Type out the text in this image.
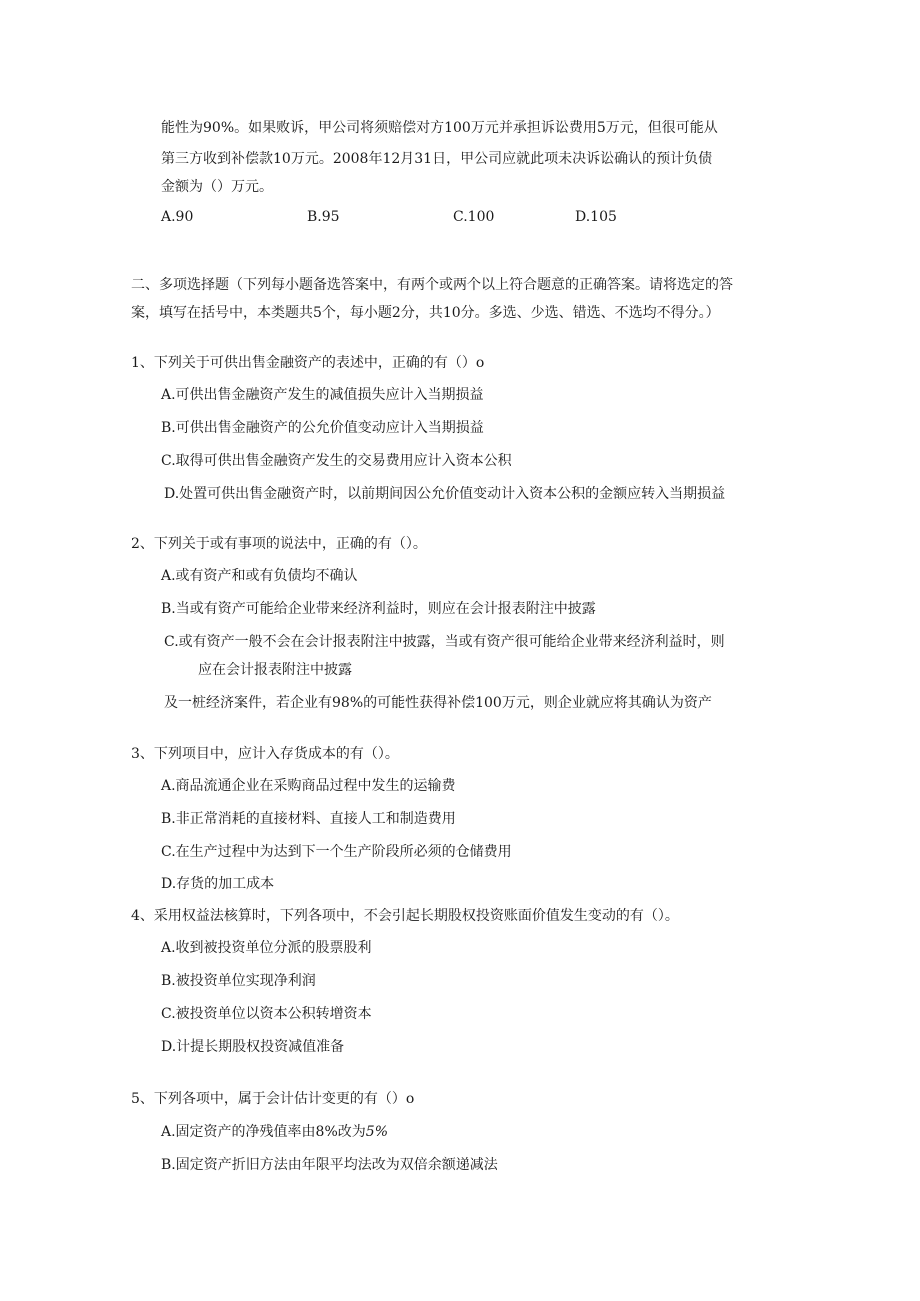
能性为90%。如果败诉，甲公司将须赔偿对方100万元并承担诉讼费用5万元，但很可能从
第三方收到补偿款10万元。2008年12月31日，甲公司应就此项未决诉讼确认的预计负债
金额为（）万元。
A.90	B.95	C.100	D.105
二、多项选择题（下列每小题备选答案中，有两个或两个以上符合题意的正确答案。请将选定的答
案，填写在括号中，本类题共5个，每小题2分，共10分。多选、少选、错选、不选均不得分。）
1、下列关于可供出售金融资产的表述中，正确的有（）o
A.可供出售金融资产发生的减值损失应计入当期损益
B.可供出售金融资产的公允价值变动应计入当期损益
C.取得可供出售金融资产发生的交易费用应计入资本公积
D.处置可供出售金融资产时，以前期间因公允价值变动计入资本公积的金额应转入当期损益
2、下列关于或有事项的说法中，正确的有（）。
A.或有资产和或有负债均不确认
B.当或有资产可能给企业带来经济利益时，则应在会计报表附注中披露
C.或有资产一般不会在会计报表附注中披露，当或有资产很可能给企业带来经济利益时，则
应在会计报表附注中披露
及一桩经济案件，若企业有98%的可能性获得补偿100万元，则企业就应将其确认为资产
3、下列项目中，应计入存货成本的有（）。
A.商品流通企业在采购商品过程中发生的运输费
B.非正常消耗的直接材料、直接人工和制造费用
C.在生产过程中为达到下一个生产阶段所必须的仓储费用
D.存货的加工成本
4、采用权益法核算时，下列各项中，不会引起长期股权投资账面价值发生变动的有（）。
A.收到被投资单位分派的股票股利
B.被投资单位实现净利润
C.被投资单位以资本公积转增资本
D.计提长期股权投资减值准备
5、下列各项中，属于会计估计变更的有（）o
A.固定资产的净残值率由8%改为5%
B.固定资产折旧方法由年限平均法改为双倍余额递减法
